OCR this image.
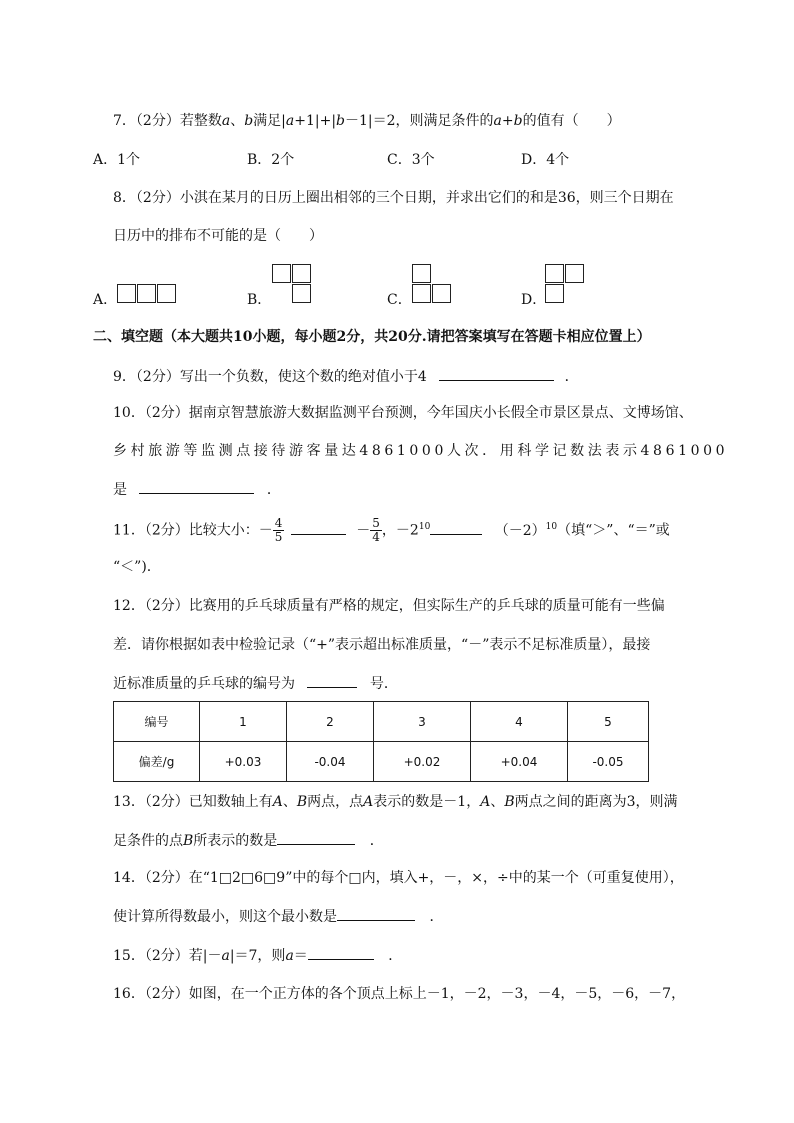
7．（2分）若整数a、b满足|a+1|+|b－1|＝2，则满足条件的a+b的值有（　　）
A．1个	B．2个	C．3个	D．4个
8．（2分）小淇在某月的日历上圈出相邻的三个日期，并求出它们的和是36，则三个日期在
日历中的排布不可能的是（　　）
A．	B．	C．	D．
二、填空题（本大题共10小题，每小题2分，共20分.请把答案填写在答题卡相应位置上）
9．（2分）写出一个负数，使这个数的绝对值小于4	．
10．（2分）据南京智慧旅游大数据监测平台预测，今年国庆小长假全市景区景点、文博场馆、
乡村旅游等监测点接待游客量达4861000人次．用科学记数法表示4861000
是	．
11．（2分）比较大小：－ $\frac{4}{5}$	－ $\frac{5}{4}$ ，$-2^{10}$	$(-2)^{10}$（填“＞”、“＝”或
“＜”).
12．（2分）比赛用的乒乓球质量有严格的规定，但实际生产的乒乓球的质量可能有一些偏
差．请你根据如表中检验记录（“+”表示超出标准质量，“－”表示不足标准质量），最接
近标准质量的乒乓球的编号为	号．
编号	1	2	3	4	5
偏差/g	+0.03	-0.04	+0.02	+0.04	-0.05
13．（2分）已知数轴上有A、B两点，点A表示的数是－1，A、B两点之间的距离为3，则满
足条件的点B所表示的数是	．
14．（2分）在“1□2□6□9”中的每个□内，填入+，－，×，÷中的某一个（可重复使用），
使计算所得数最小，则这个最小数是	．
15．（2分）若|－a|＝7，则a＝	．
16．（2分）如图，在一个正方体的各个顶点上标上－1，－2，－3，－4，－5，－6，－7，
